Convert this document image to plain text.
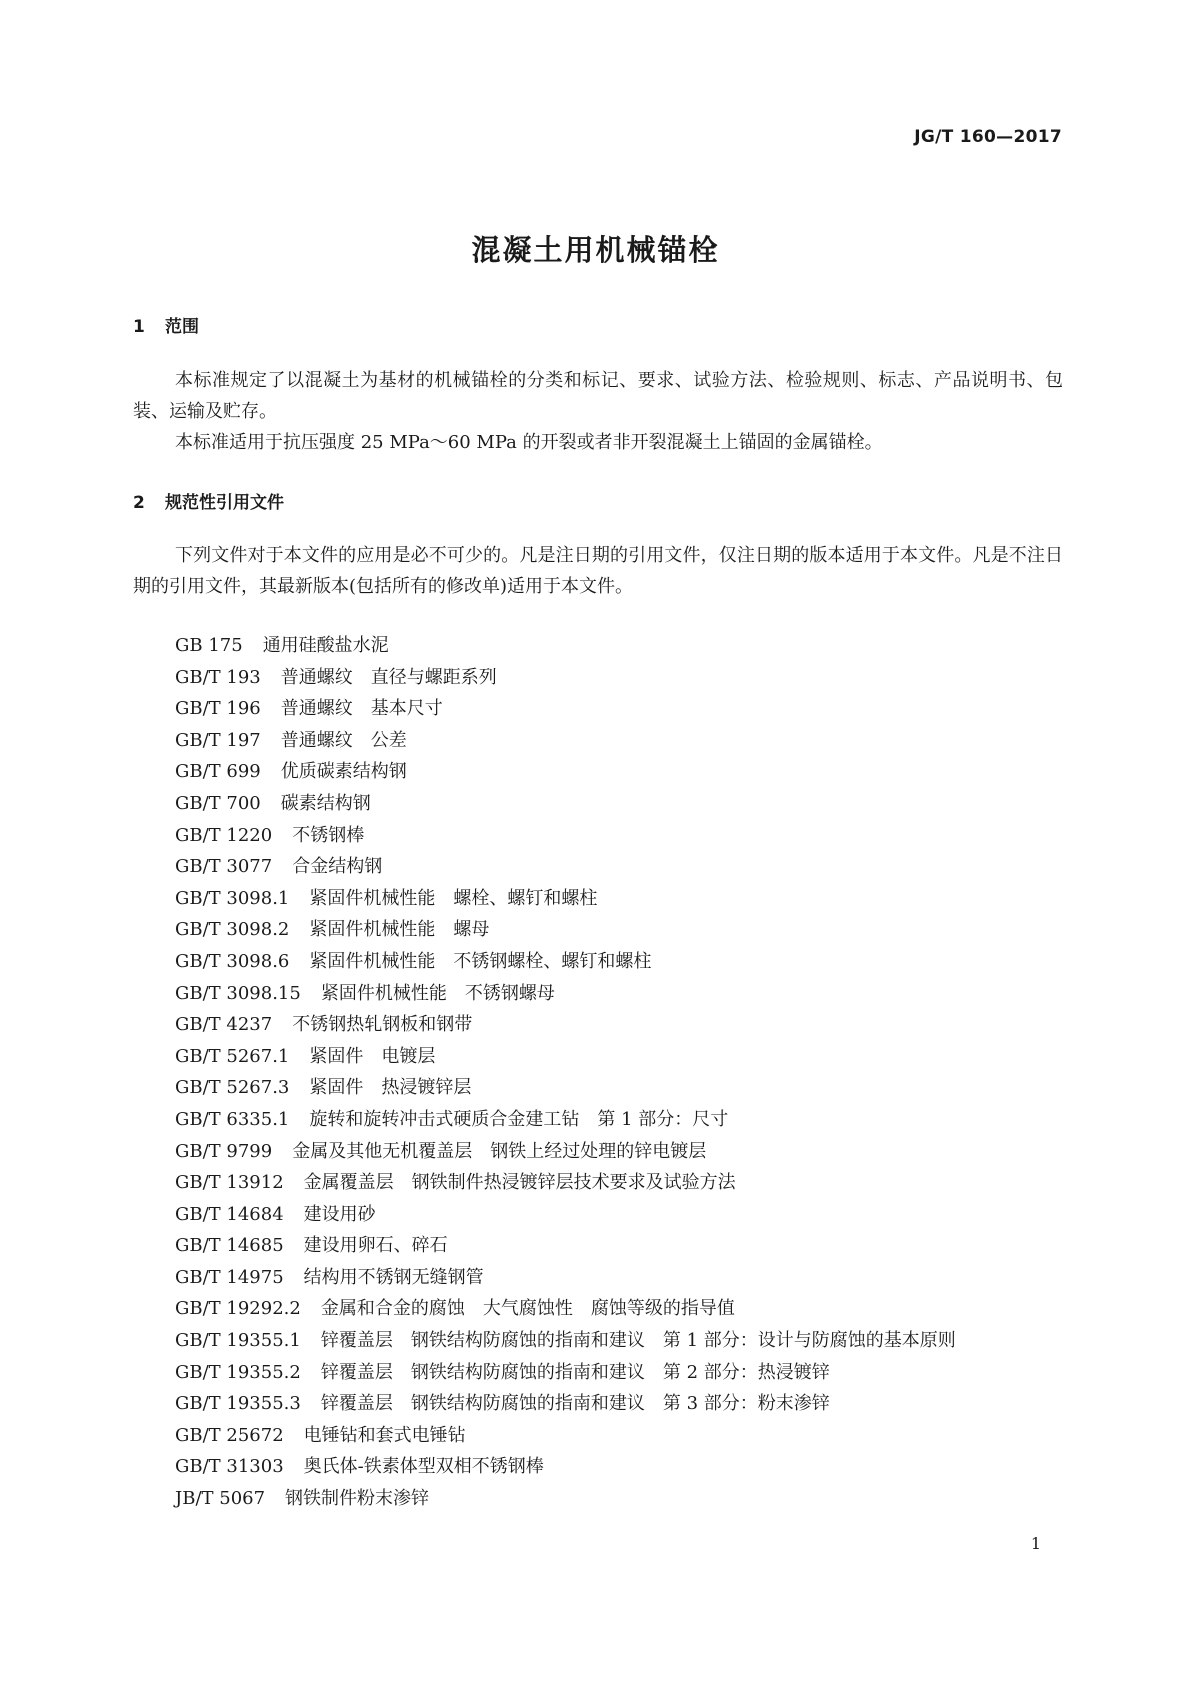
JG/T 160—2017
混凝土用机械锚栓
1 范围
本标准规定了以混凝土为基材的机械锚栓的分类和标记、要求、试验方法、检验规则、标志、产品说明书、包装、运输及贮存。
本标准适用于抗压强度 25 MPa～60 MPa 的开裂或者非开裂混凝土上锚固的金属锚栓。
2 规范性引用文件
下列文件对于本文件的应用是必不可少的。凡是注日期的引用文件，仅注日期的版本适用于本文件。凡是不注日期的引用文件，其最新版本(包括所有的修改单)适用于本文件。
GB 175 通用硅酸盐水泥
GB/T 193 普通螺纹　直径与螺距系列
GB/T 196 普通螺纹　基本尺寸
GB/T 197 普通螺纹　公差
GB/T 699 优质碳素结构钢
GB/T 700 碳素结构钢
GB/T 1220 不锈钢棒
GB/T 3077 合金结构钢
GB/T 3098.1 紧固件机械性能　螺栓、螺钉和螺柱
GB/T 3098.2 紧固件机械性能　螺母
GB/T 3098.6 紧固件机械性能　不锈钢螺栓、螺钉和螺柱
GB/T 3098.15 紧固件机械性能　不锈钢螺母
GB/T 4237 不锈钢热轧钢板和钢带
GB/T 5267.1 紧固件　电镀层
GB/T 5267.3 紧固件　热浸镀锌层
GB/T 6335.1 旋转和旋转冲击式硬质合金建工钻　第 1 部分：尺寸
GB/T 9799 金属及其他无机覆盖层　钢铁上经过处理的锌电镀层
GB/T 13912 金属覆盖层　钢铁制件热浸镀锌层技术要求及试验方法
GB/T 14684 建设用砂
GB/T 14685 建设用卵石、碎石
GB/T 14975 结构用不锈钢无缝钢管
GB/T 19292.2 金属和合金的腐蚀　大气腐蚀性　腐蚀等级的指导值
GB/T 19355.1 锌覆盖层　钢铁结构防腐蚀的指南和建议　第 1 部分：设计与防腐蚀的基本原则
GB/T 19355.2 锌覆盖层　钢铁结构防腐蚀的指南和建议　第 2 部分：热浸镀锌
GB/T 19355.3 锌覆盖层　钢铁结构防腐蚀的指南和建议　第 3 部分：粉末渗锌
GB/T 25672 电锤钻和套式电锤钻
GB/T 31303 奥氏体-铁素体型双相不锈钢棒
JB/T 5067 钢铁制件粉末渗锌
1
